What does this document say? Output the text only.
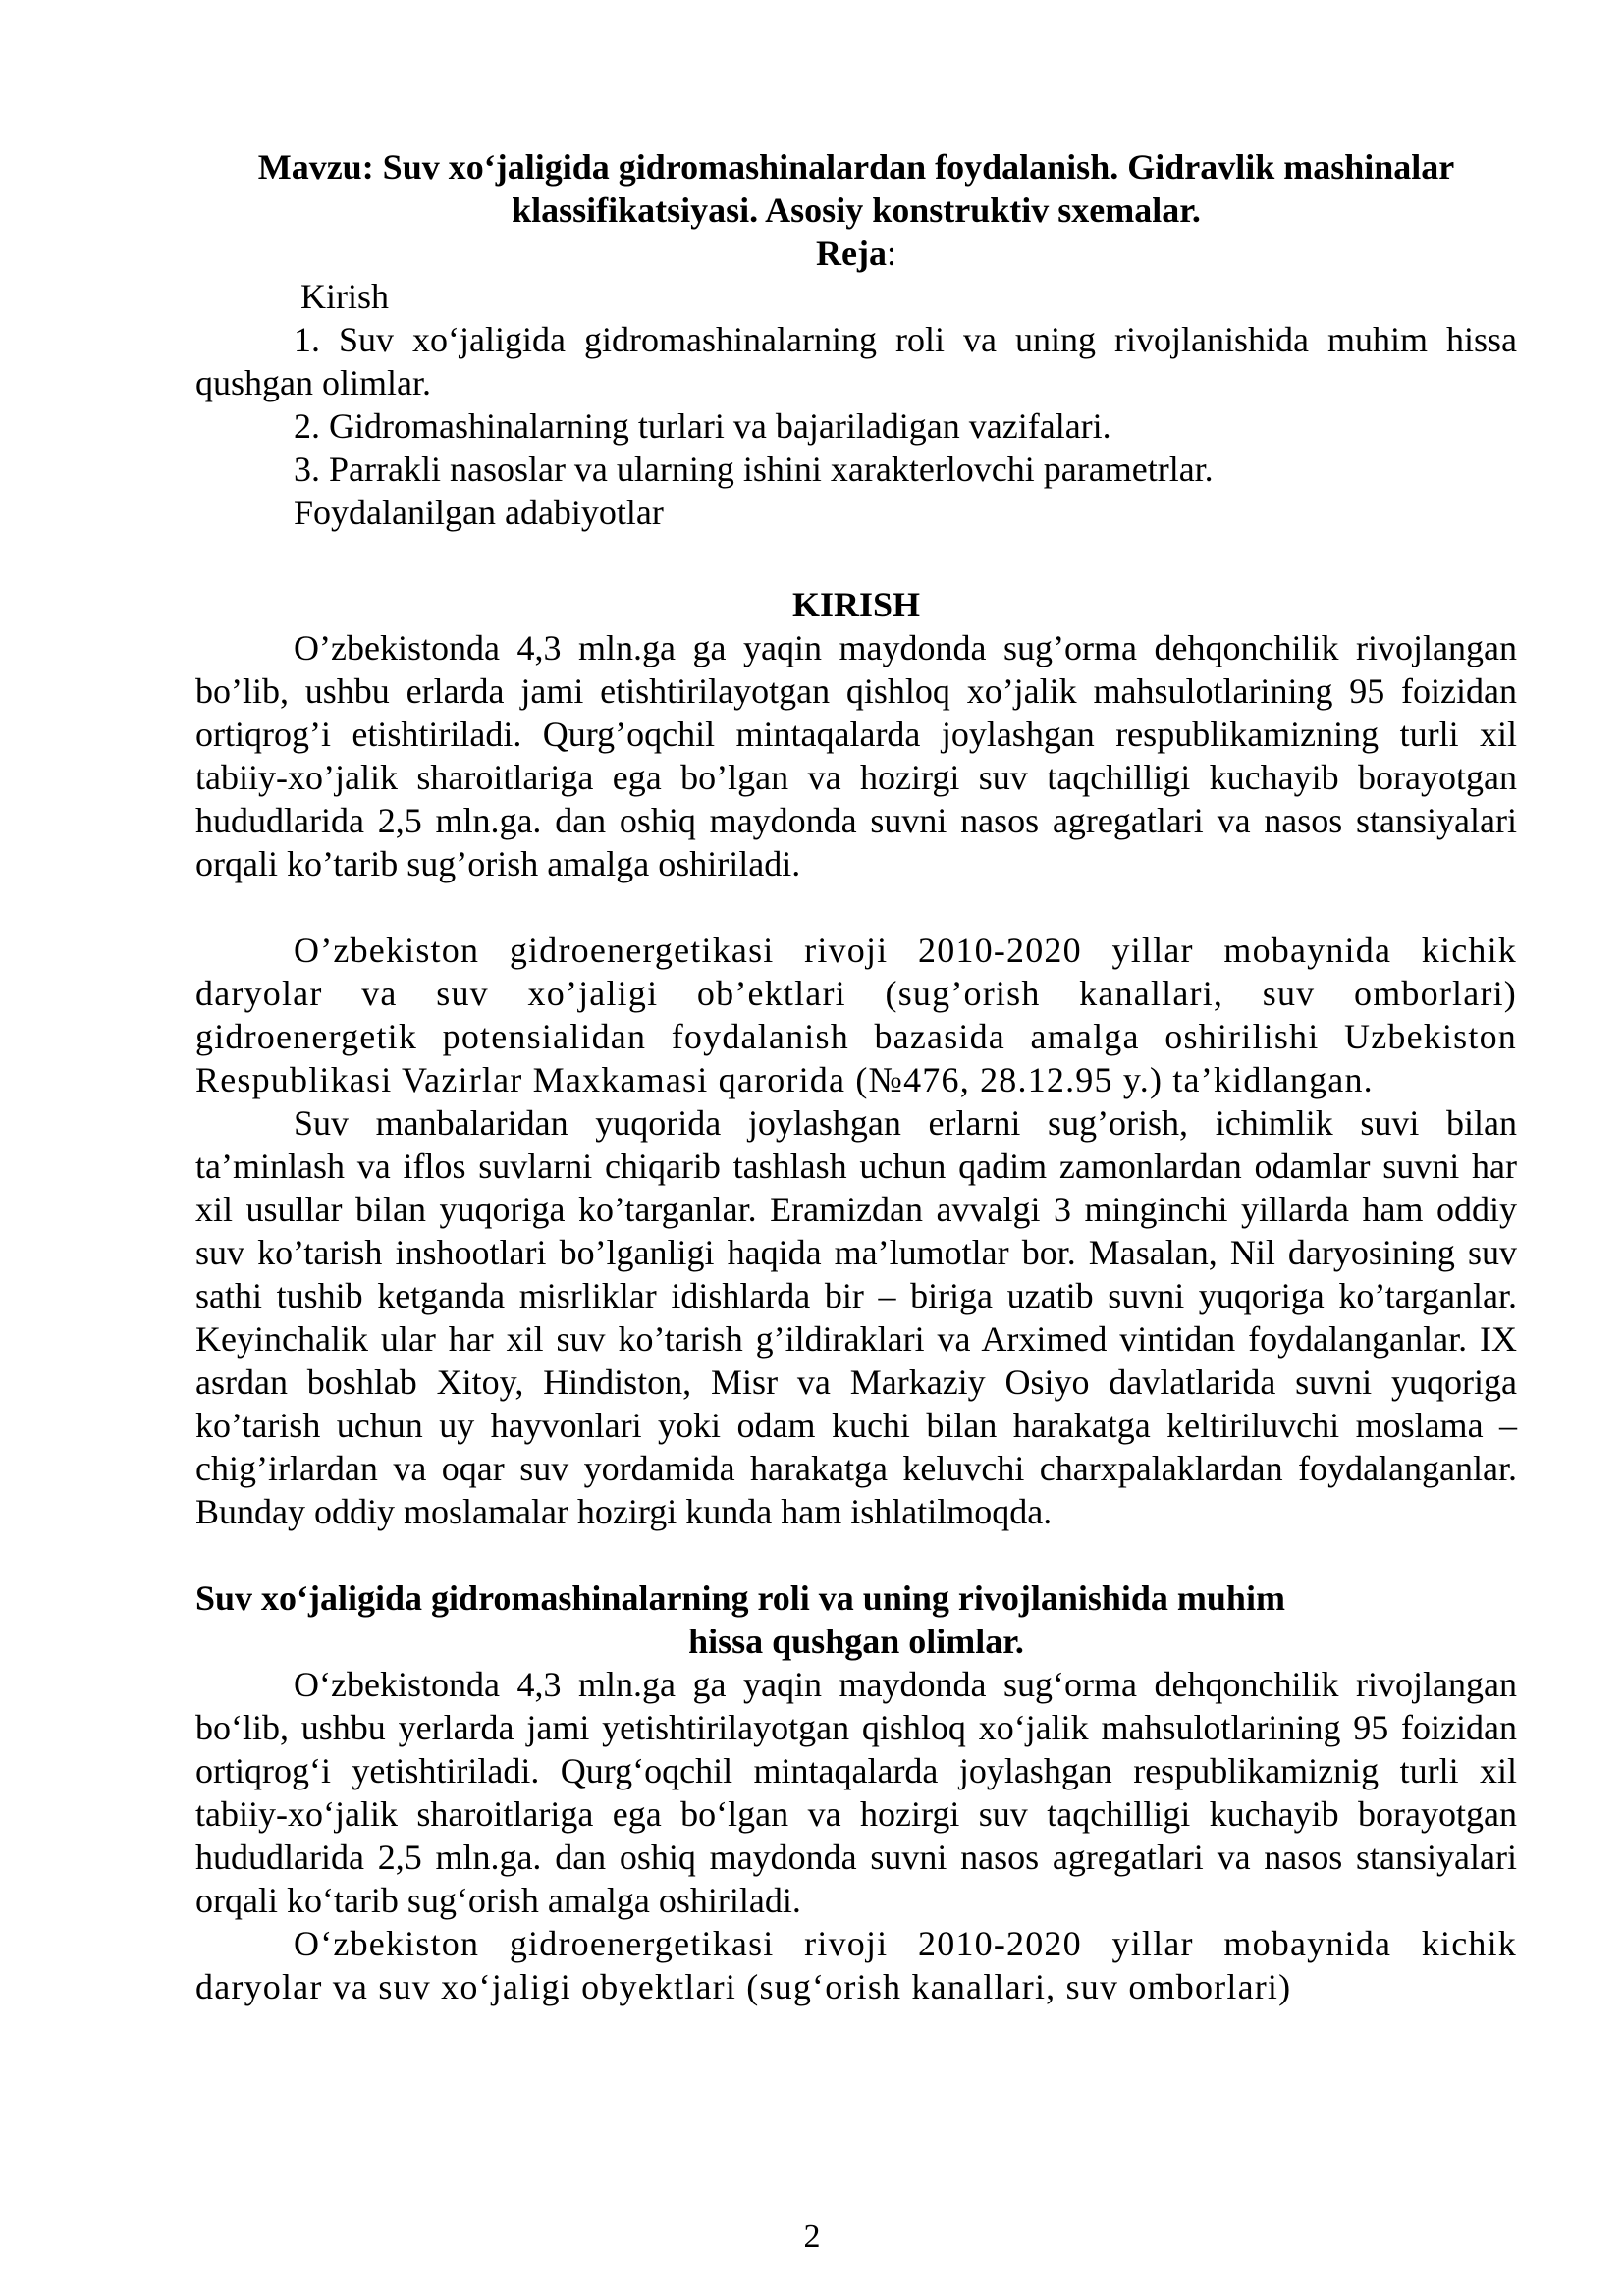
Mavzu: Suv xo‘jaligida gidromashinalardan foydalanish. Gidravlik mashinalar

klassifikatsiyasi. Asosiy konstruktiv sxemalar.

Reja:

Kirish

1. Suv xo‘jaligida gidromashinalarning roli va uning rivojlanishida muhim hissa qushgan olimlar.

2. Gidromashinalarning turlari va bajariladigan vazifalari.

3. Parrakli nasoslar va ularning ishini xarakterlovchi parametrlar.

Foydalanilgan adabiyotlar

KIRISH

O’zbekistonda 4,3 mln.ga ga yaqin maydonda sug’orma dehqonchilik rivojlangan bo’lib, ushbu erlarda jami etishtirilayotgan qishloq xo’jalik mahsulotlarining 95 foizidan ortiqrog’i etishtiriladi. Qurg’oqchil mintaqalarda joylashgan respublikamizning turli xil tabiiy-xo’jalik sharoitlariga ega bo’lgan va hozirgi suv taqchilligi kuchayib borayotgan hududlarida 2,5 mln.ga. dan oshiq maydonda suvni nasos agregatlari va nasos stansiyalari orqali ko’tarib sug’orish amalga oshiriladi.

O’zbekiston gidroenergetikasi rivoji 2010-2020 yillar mobaynida kichik daryolar va suv xo’jaligi ob’ektlari (sug’orish kanallari, suv omborlari) gidroenergetik potensialidan foydalanish bazasida amalga oshirilishi Uzbekiston Respublikasi Vazirlar Maxkamasi qarorida (№476, 28.12.95 y.) ta’kidlangan.

Suv manbalaridan yuqorida joylashgan erlarni sug’orish, ichimlik suvi bilan ta’minlash va iflos suvlarni chiqarib tashlash uchun qadim zamonlardan odamlar suvni har xil usullar bilan yuqoriga ko’targanlar. Eramizdan avvalgi 3 minginchi yillarda ham oddiy suv ko’tarish inshootlari bo’lganligi haqida ma’lumotlar bor. Masalan, Nil daryosining suv sathi tushib ketganda misrliklar idishlarda bir – biriga uzatib suvni yuqoriga ko’targanlar. Keyinchalik ular har xil suv ko’tarish g’ildiraklari va Arximed vintidan foydalanganlar. IX asrdan boshlab Xitoy, Hindiston, Misr va Markaziy Osiyo davlatlarida suvni yuqoriga ko’tarish uchun uy hayvonlari yoki odam kuchi bilan harakatga keltiriluvchi moslama – chig’irlardan va oqar suv yordamida harakatga keluvchi charxpalaklardan foydalanganlar. Bunday oddiy moslamalar hozirgi kunda ham ishlatilmoqda.

Suv xo‘jaligida gidromashinalarning roli va uning rivojlanishida muhim

hissa qushgan olimlar.

O‘zbekistonda 4,3 mln.ga ga yaqin maydonda sug‘orma dehqonchilik rivojlangan bo‘lib, ushbu yerlarda jami yetishtirilayotgan qishloq xo‘jalik mahsulotlarining 95 foizidan ortiqrog‘i yetishtiriladi. Qurg‘oqchil mintaqalarda joylashgan respublikamiznig turli xil tabiiy-xo‘jalik sharoitlariga ega bo‘lgan va hozirgi suv taqchilligi kuchayib borayotgan hududlarida 2,5 mln.ga. dan oshiq maydonda suvni nasos agregatlari va nasos stansiyalari orqali ko‘tarib sug‘orish amalga oshiriladi.

O‘zbekiston gidroenergetikasi rivoji 2010-2020 yillar mobaynida kichik daryolar va suv xo‘jaligi obyektlari (sug‘orish kanallari, suv omborlari)

2
